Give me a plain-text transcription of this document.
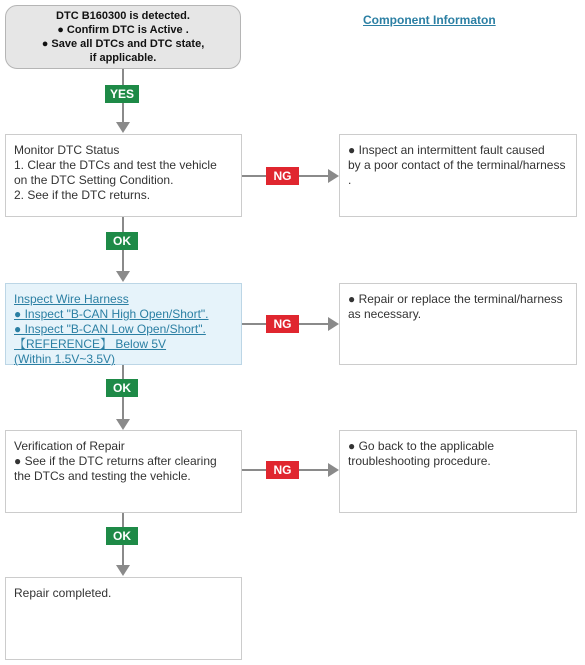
DTC B160300 is detected.
● Confirm DTC is Active .
● Save all DTCs and DTC state,
if applicable.
Component Informaton
YES
Monitor DTC Status
1. Clear the DTCs and test the vehicle
on the DTC Setting Condition.
2. See if the DTC returns.
NG
● Inspect an intermittent fault caused
by a poor contact of the terminal/harness
.
OK
Inspect Wire Harness
● Inspect "B-CAN High Open/Short".
● Inspect "B-CAN Low Open/Short".
【REFERENCE】 Below 5V
(Within 1.5V~3.5V)
NG
● Repair or replace the terminal/harness
as necessary.
OK
Verification of Repair
● See if the DTC returns after clearing
the DTCs and testing the vehicle.	NG
● Go back to the applicable
troubleshooting procedure.
OK
Repair completed.
